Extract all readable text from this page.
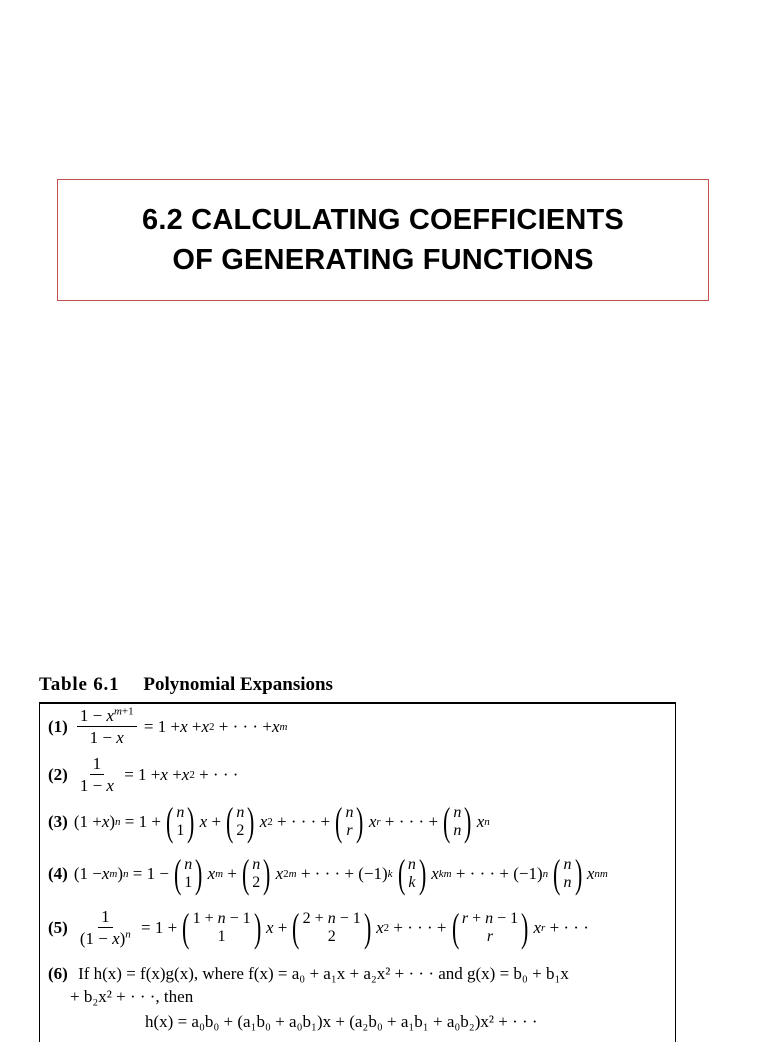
6.2 CALCULATING COEFFICIENTS
OF GENERATING FUNCTIONS
Table 6.1 Polynomial Expansions
$(1) \frac{1 - x^{m+1}}{1 - x} = 1 + x + x$ 2 + · · · + x m
$(2) \frac{1}{1 - x} = 1 + x + x$ 2 + · · ·
(3) (1 + x ) n = 1 + ( n
1 ) x + ( n
2 ) x 2 + · · · + ( n
r ) x r + · · · + ( n
n ) x n
(4) (1 − x m ) n = 1 − ( n
1 ) x m + ( n
2 ) x 2m + · · · + (−1) k ( n
k ) x km + · · · + (−1) n ( n
n ) x nm
$(5) \frac{1}{(1 - x)^n} = 1$ + ( 1 + n − 1
1 ) x + ( 2 + n − 1
2 ) x 2 + · · · + ( r + n − 1
r ) x r + · · ·
(6) If h(x) = f(x)g(x), where f(x) = a₀ + a₁x + a₂x² + · · · and g(x) = b₀ + b₁x
+ b₂x² + · · ·, then
h(x) = a₀b₀ + (a₁b₀ + a₀b₁)x + (a₂b₀ + a₁b₁ + a₀b₂)x² + · · ·
